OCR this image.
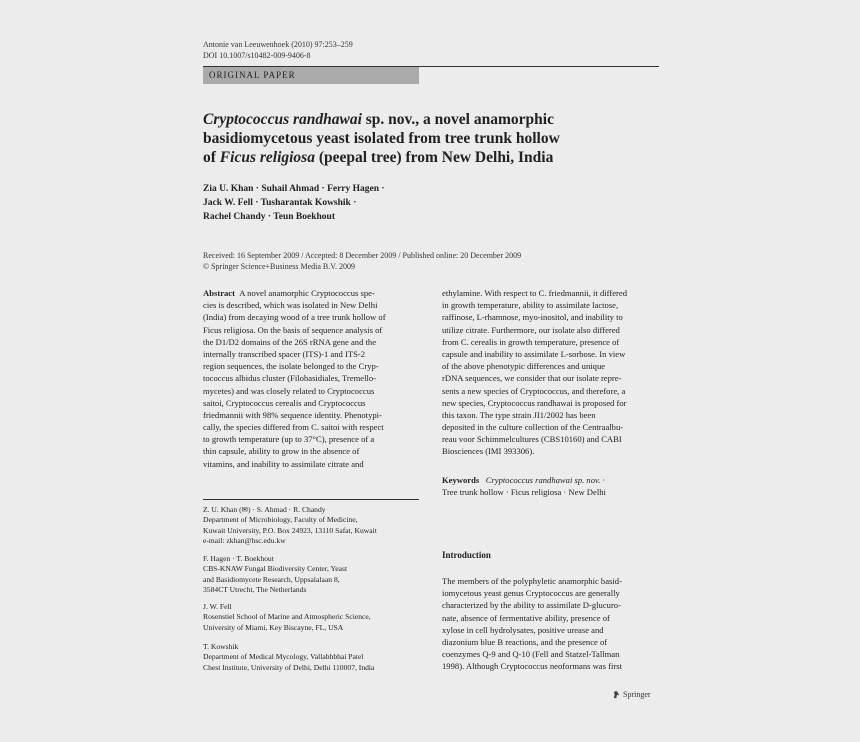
Antonie van Leeuwenhoek (2010) 97:253–259
DOI 10.1007/s10482-009-9406-8
ORIGINAL PAPER
Cryptococcus randhawai sp. nov., a novel anamorphic
basidiomycetous yeast isolated from tree trunk hollow
of Ficus religiosa (peepal tree) from New Delhi, India
Zia U. Khan · Suhail Ahmad · Ferry Hagen ·
Jack W. Fell · Tusharantak Kowshik ·
Rachel Chandy · Teun Boekhout
Received: 16 September 2009 / Accepted: 8 December 2009 / Published online: 20 December 2009
© Springer Science+Business Media B.V. 2009
Abstract  A novel anamorphic Cryptococcus spe-
cies is described, which was isolated in New Delhi
(India) from decaying wood of a tree trunk hollow of
Ficus religiosa. On the basis of sequence analysis of
the D1/D2 domains of the 26S rRNA gene and the
internally transcribed spacer (ITS)-1 and ITS-2
region sequences, the isolate belonged to the Cryp-
tococcus albidus cluster (Filobasidiales, Tremello-
mycetes) and was closely related to Cryptococcus
saitoi, Cryptococcus cerealis and Cryptococcus
friedmannii with 98% sequence identity. Phenotypi-
cally, the species differed from C. saitoi with respect
to growth temperature (up to 37°C), presence of a
thin capsule, ability to grow in the absence of
vitamins, and inability to assimilate citrate and
ethylamine. With respect to C. friedmannii, it differed
in growth temperature, ability to assimilate lactose,
raffinose, L-rhamnose, myo-inositol, and inability to
utilize citrate. Furthermore, our isolate also differed
from C. cerealis in growth temperature, presence of
capsule and inability to assimilate L-sorbose. In view
of the above phenotypic differences and unique
rDNA sequences, we consider that our isolate repre-
sents a new species of Cryptococcus, and therefore, a
new species, Cryptococcus randhawai is proposed for
this taxon. The type strain JI1/2002 has been
deposited in the culture collection of the Centraalbu-
reau voor Schimmelcultures (CBS10160) and CABI
Biosciences (IMI 393306).
Keywords Cryptococcus randhawai sp. nov. ·
Tree trunk hollow · Ficus religiosa · New Delhi
Z. U. Khan (✉) · S. Ahmad · R. Chandy
Department of Microbiology, Faculty of Medicine,
Kuwait University, P.O. Box 24923, 13110 Safat, Kuwait
e-mail: zkhan@hsc.edu.kw
F. Hagen · T. Boekhout
CBS-KNAW Fungal Biodiversity Center, Yeast
and Basidiomycete Research, Uppsalalaan 8,
3584CT Utrecht, The Netherlands
J. W. Fell
Rosenstiel School of Marine and Atmospheric Science,
University of Miami, Key Biscayne, FL, USA
T. Kowshik
Department of Medical Mycology, Vallabhbhai Patel
Chest Institute, University of Delhi, Delhi 110007, India
Introduction
The members of the polyphyletic anamorphic basid-
iomycetous yeast genus Cryptococcus are generally
characterized by the ability to assimilate D-glucuro-
nate, absence of fermentative ability, presence of
xylose in cell hydrolysates, positive urease and
diazonium blue B reactions, and the presence of
coenzymes Q-9 and Q-10 (Fell and Statzel-Tallman
1998). Although Cryptococcus neoformans was first
Springer
